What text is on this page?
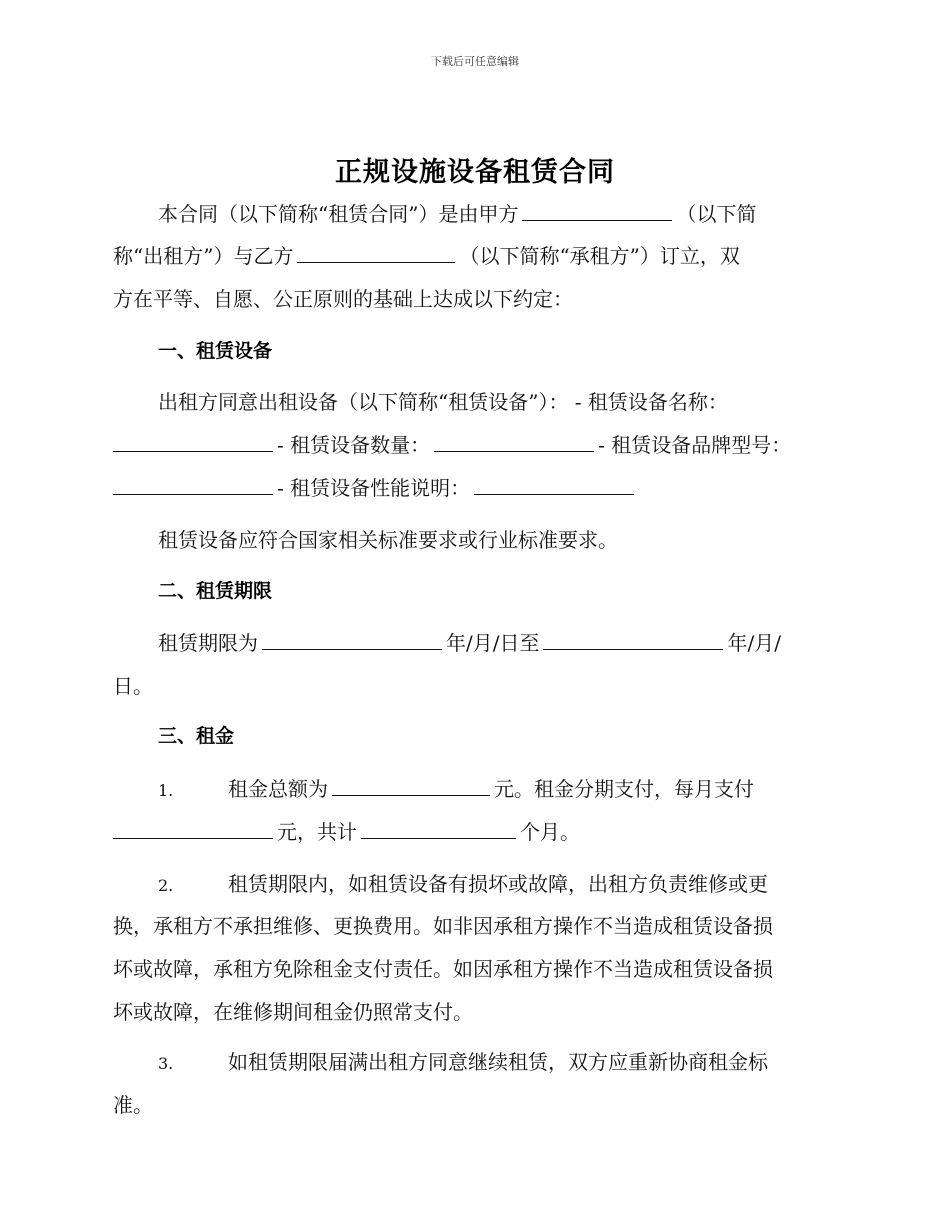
下载后可任意编辑
正规设施设备租赁合同
本合同（以下简称“租赁合同”）是由甲方	（以下简
称“出租方”）与乙方	（以下简称“承租方”）订立，双
方在平等、自愿、公正原则的基础上达成以下约定：
一、租赁设备
出租方同意出租设备（以下简称“租赁设备”）： - 租赁设备名称：
- 租赁设备数量：	- 租赁设备品牌型号：
- 租赁设备性能说明：
租赁设备应符合国家相关标准要求或行业标准要求。
二、租赁期限
租赁期限为	年/月/日至	年/月/
日。
三、租金
1.	租金总额为	元。租金分期支付，每月支付
元，共计	个月。
2.	租赁期限内，如租赁设备有损坏或故障，出租方负责维修或更
换，承租方不承担维修、更换费用。如非因承租方操作不当造成租赁设备损
坏或故障，承租方免除租金支付责任。如因承租方操作不当造成租赁设备损
坏或故障，在维修期间租金仍照常支付。
3.	如租赁期限届满出租方同意继续租赁，双方应重新协商租金标
准。
